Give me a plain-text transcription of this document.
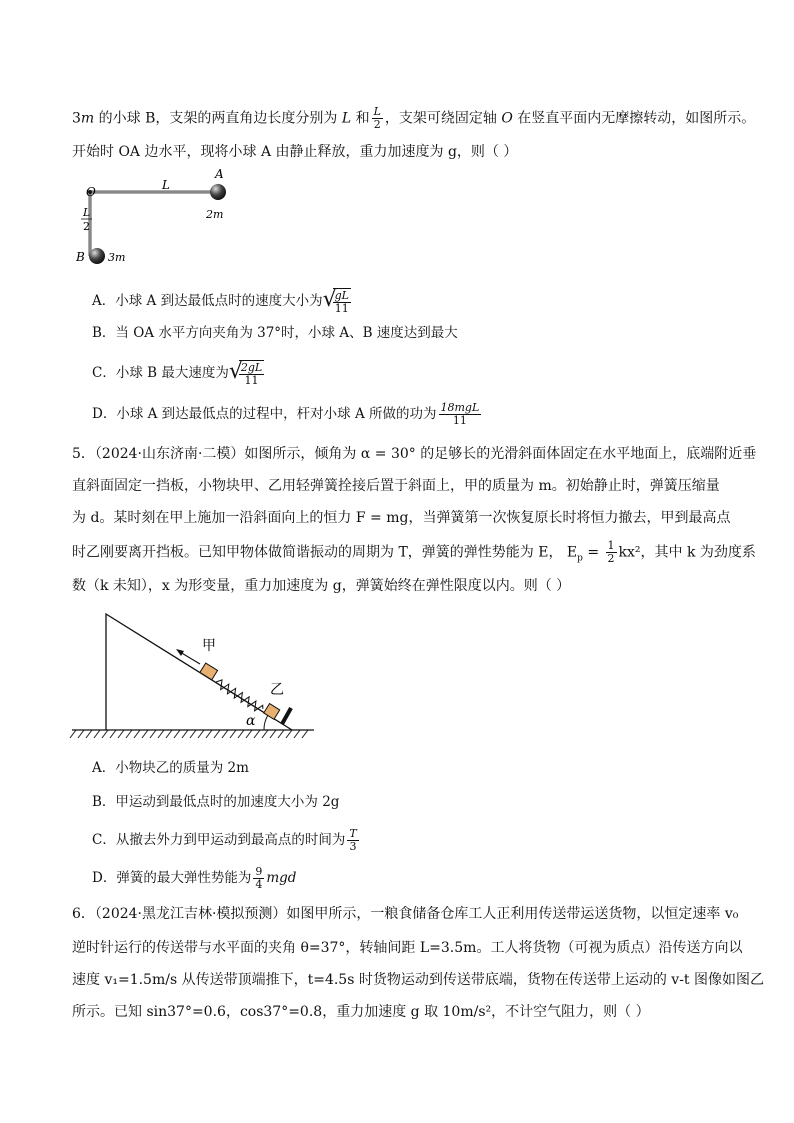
3m 的小球 B，支架的两直角边长度分别为 L 和 $\frac{L}{2}$ ，支架可绕固定轴 O 在竖直平面内无摩擦转动，如图所示。
开始时 OA 边水平，现将小球 A 由静止释放，重力加速度为 g，则（ ）
O	L
A
2m
L
2
B 3m
A．小球 A 到达最低点时的速度大小为 √
$\frac{gL}{11}$
B．当 OA 水平方向夹角为 37°时，小球 A、B 速度达到最大
C．小球 B 最大速度为 √
$\frac{2gL}{11}$
D．小球 A 到达最低点的过程中，杆对小球 A 所做的功为 $\frac{\text{18mgL}}{11}$
5．（2024·山东济南·二模）如图所示，倾角为 α = 30° 的足够长的光滑斜面体固定在水平地面上，底端附近垂
直斜面固定一挡板，小物块甲、乙用轻弹簧拴接后置于斜面上，甲的质量为 m。初始静止时，弹簧压缩量
为 d。某时刻在甲上施加一沿斜面向上的恒力 F = mg，当弹簧第一次恢复原长时将恒力撤去，甲到最高点
时乙刚要离开挡板。已知甲物体做简谐振动的周期为 T，弹簧的弹性势能为 E， $E_p = \frac{1}{2} kx^2$，其中 k 为劲度系
数（k 未知），x 为形变量，重力加速度为 g，弹簧始终在弹性限度以内。则（ ）
α
甲
乙
A．小物块乙的质量为 2m
B．甲运动到最低点时的加速度大小为 2g
C．从撤去外力到甲运动到最高点的时间为 $\frac{T}{3}$
D．弹簧的最大弹性势能为 $\frac{9}{4}$ mgd
6．（2024·黑龙江吉林·模拟预测）如图甲所示，一粮食储备仓库工人正利用传送带运送货物，以恒定速率 v₀
逆时针运行的传送带与水平面的夹角 θ=37°，转轴间距 L=3.5m。工人将货物（可视为质点）沿传送方向以
速度 v₁=1.5m/s 从传送带顶端推下，t=4.5s 时货物运动到传送带底端，货物在传送带上运动的 v-t 图像如图乙
所示。已知 sin37°=0.6，cos37°=0.8，重力加速度 g 取 10m/s²，不计空气阻力，则（ ）
